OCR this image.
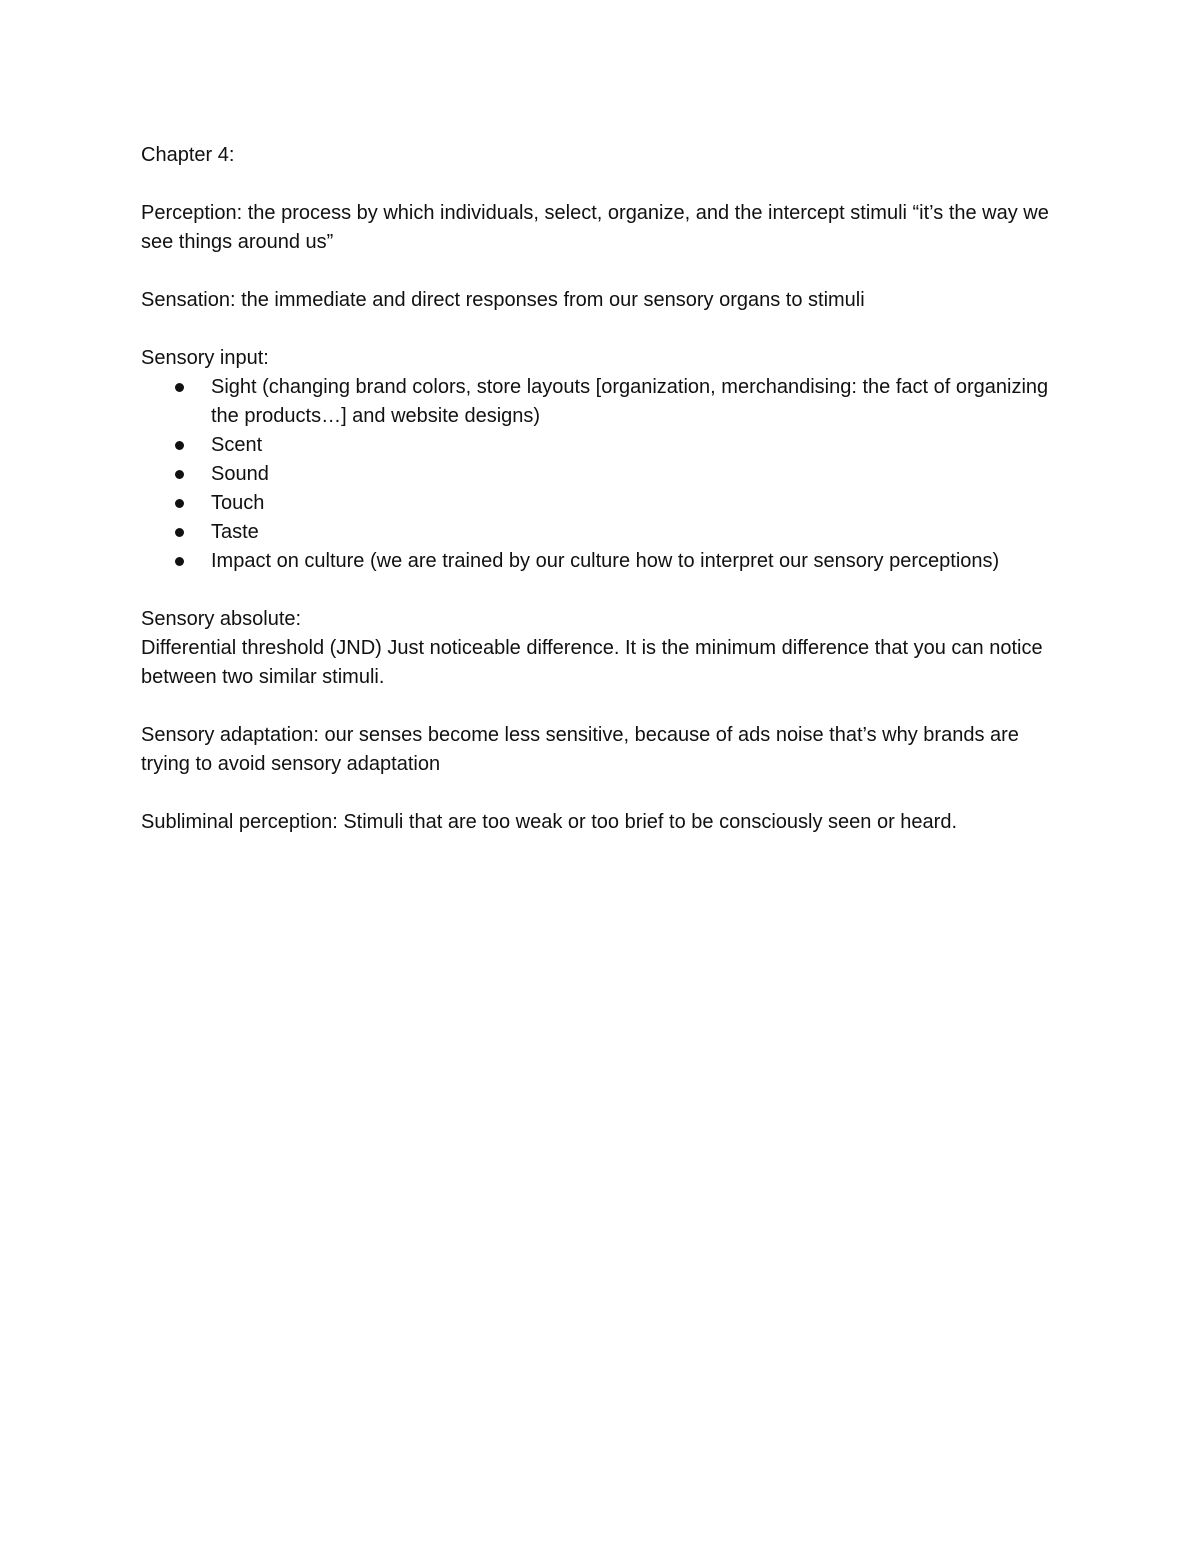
Chapter 4:

Perception: the process by which individuals, select, organize, and the intercept stimuli “it’s the way we see things around us”

Sensation: the immediate and direct responses from our sensory organs to stimuli

Sensory input:

Sight (changing brand colors, store layouts [organization, merchandising: the fact of organizing the products…] and website designs)
Scent
Sound
Touch
Taste
Impact on culture (we are trained by our culture how to interpret our sensory perceptions)

Sensory absolute:

Differential threshold (JND) Just noticeable difference. It is the minimum difference that you can notice between two similar stimuli.

Sensory adaptation: our senses become less sensitive, because of ads noise that’s why brands are trying to avoid sensory adaptation

Subliminal perception: Stimuli that are too weak or too brief to be consciously seen or heard.
